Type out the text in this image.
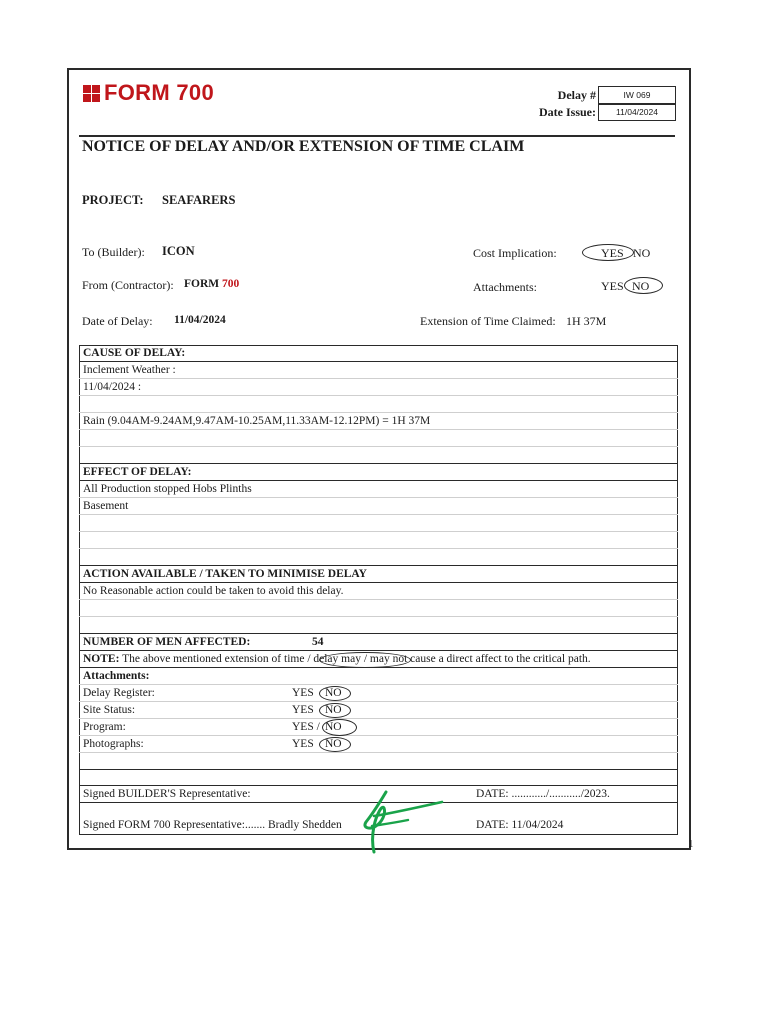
FORM 700	Delay #	IW 069
Date Issue:	11/04/2024
NOTICE OF DELAY AND/OR EXTENSION OF TIME CLAIM
PROJECT: SEAFARERS
To (Builder): ICON
From (Contractor): FORM 700
Date of Delay: 11/04/2024
Cost Implication:	YES NO
Attachments:	YES NO
Extension of Time Claimed: 1H 37M
CAUSE OF DELAY:
Inclement Weather :
11/04/2024 :
Rain (9.04AM-9.24AM,9.47AM-10.25AM,11.33AM-12.12PM) = 1H 37M
EFFECT OF DELAY:
All Production stopped Hobs Plinths
Basement
ACTION AVAILABLE / TAKEN TO MINIMISE DELAY
No Reasonable action could be taken to avoid this delay.
NUMBER OF MEN AFFECTED:	54
NOTE: The above mentioned extension of time / delay may / may not cause a direct affect to the critical path.
Attachments:
Delay Register:	YES NO
Site Status:	YES NO
Program:	YES / NO
Photographs:	YES NO
Signed BUILDER'S Representative:	DATE: ............/.........../2023.
Signed FORM 700 Representative:....... Bradly Shedden	DATE: 11/04/2024
1
